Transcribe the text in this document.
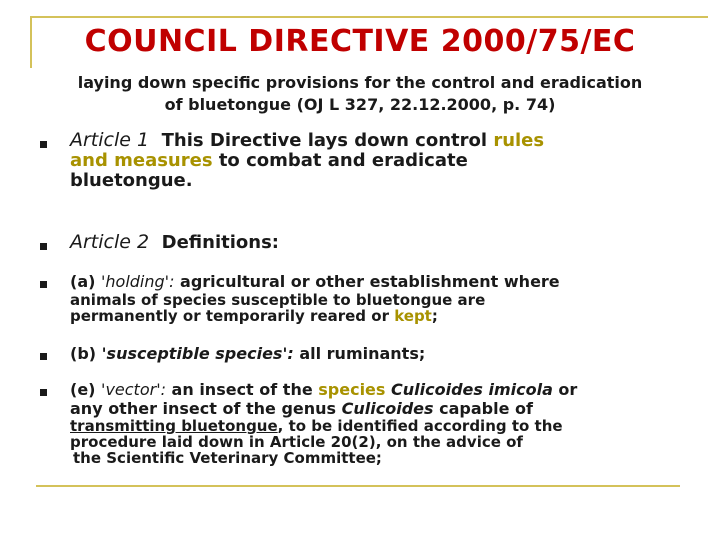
COUNCIL DIRECTIVE 2000/75/EC
laying down specific provisions for the control and eradication
of bluetongue (OJ L 327, 22.12.2000, p. 74)
Article 1 This Directive lays down control rules
and measures to combat and eradicate
bluetongue.
Article 2 Definitions:
(a) 'holding': agricultural or other establishment where
animals of species susceptible to bluetongue are
permanently or temporarily reared or kept;
(b) 'susceptible species': all ruminants;
(e) 'vector': an insect of the species Culicoides imicola or
any other insect of the genus Culicoides capable of
transmitting bluetongue, to be identified according to the
procedure laid down in Article 20(2), on the advice of
the Scientific Veterinary Committee;
